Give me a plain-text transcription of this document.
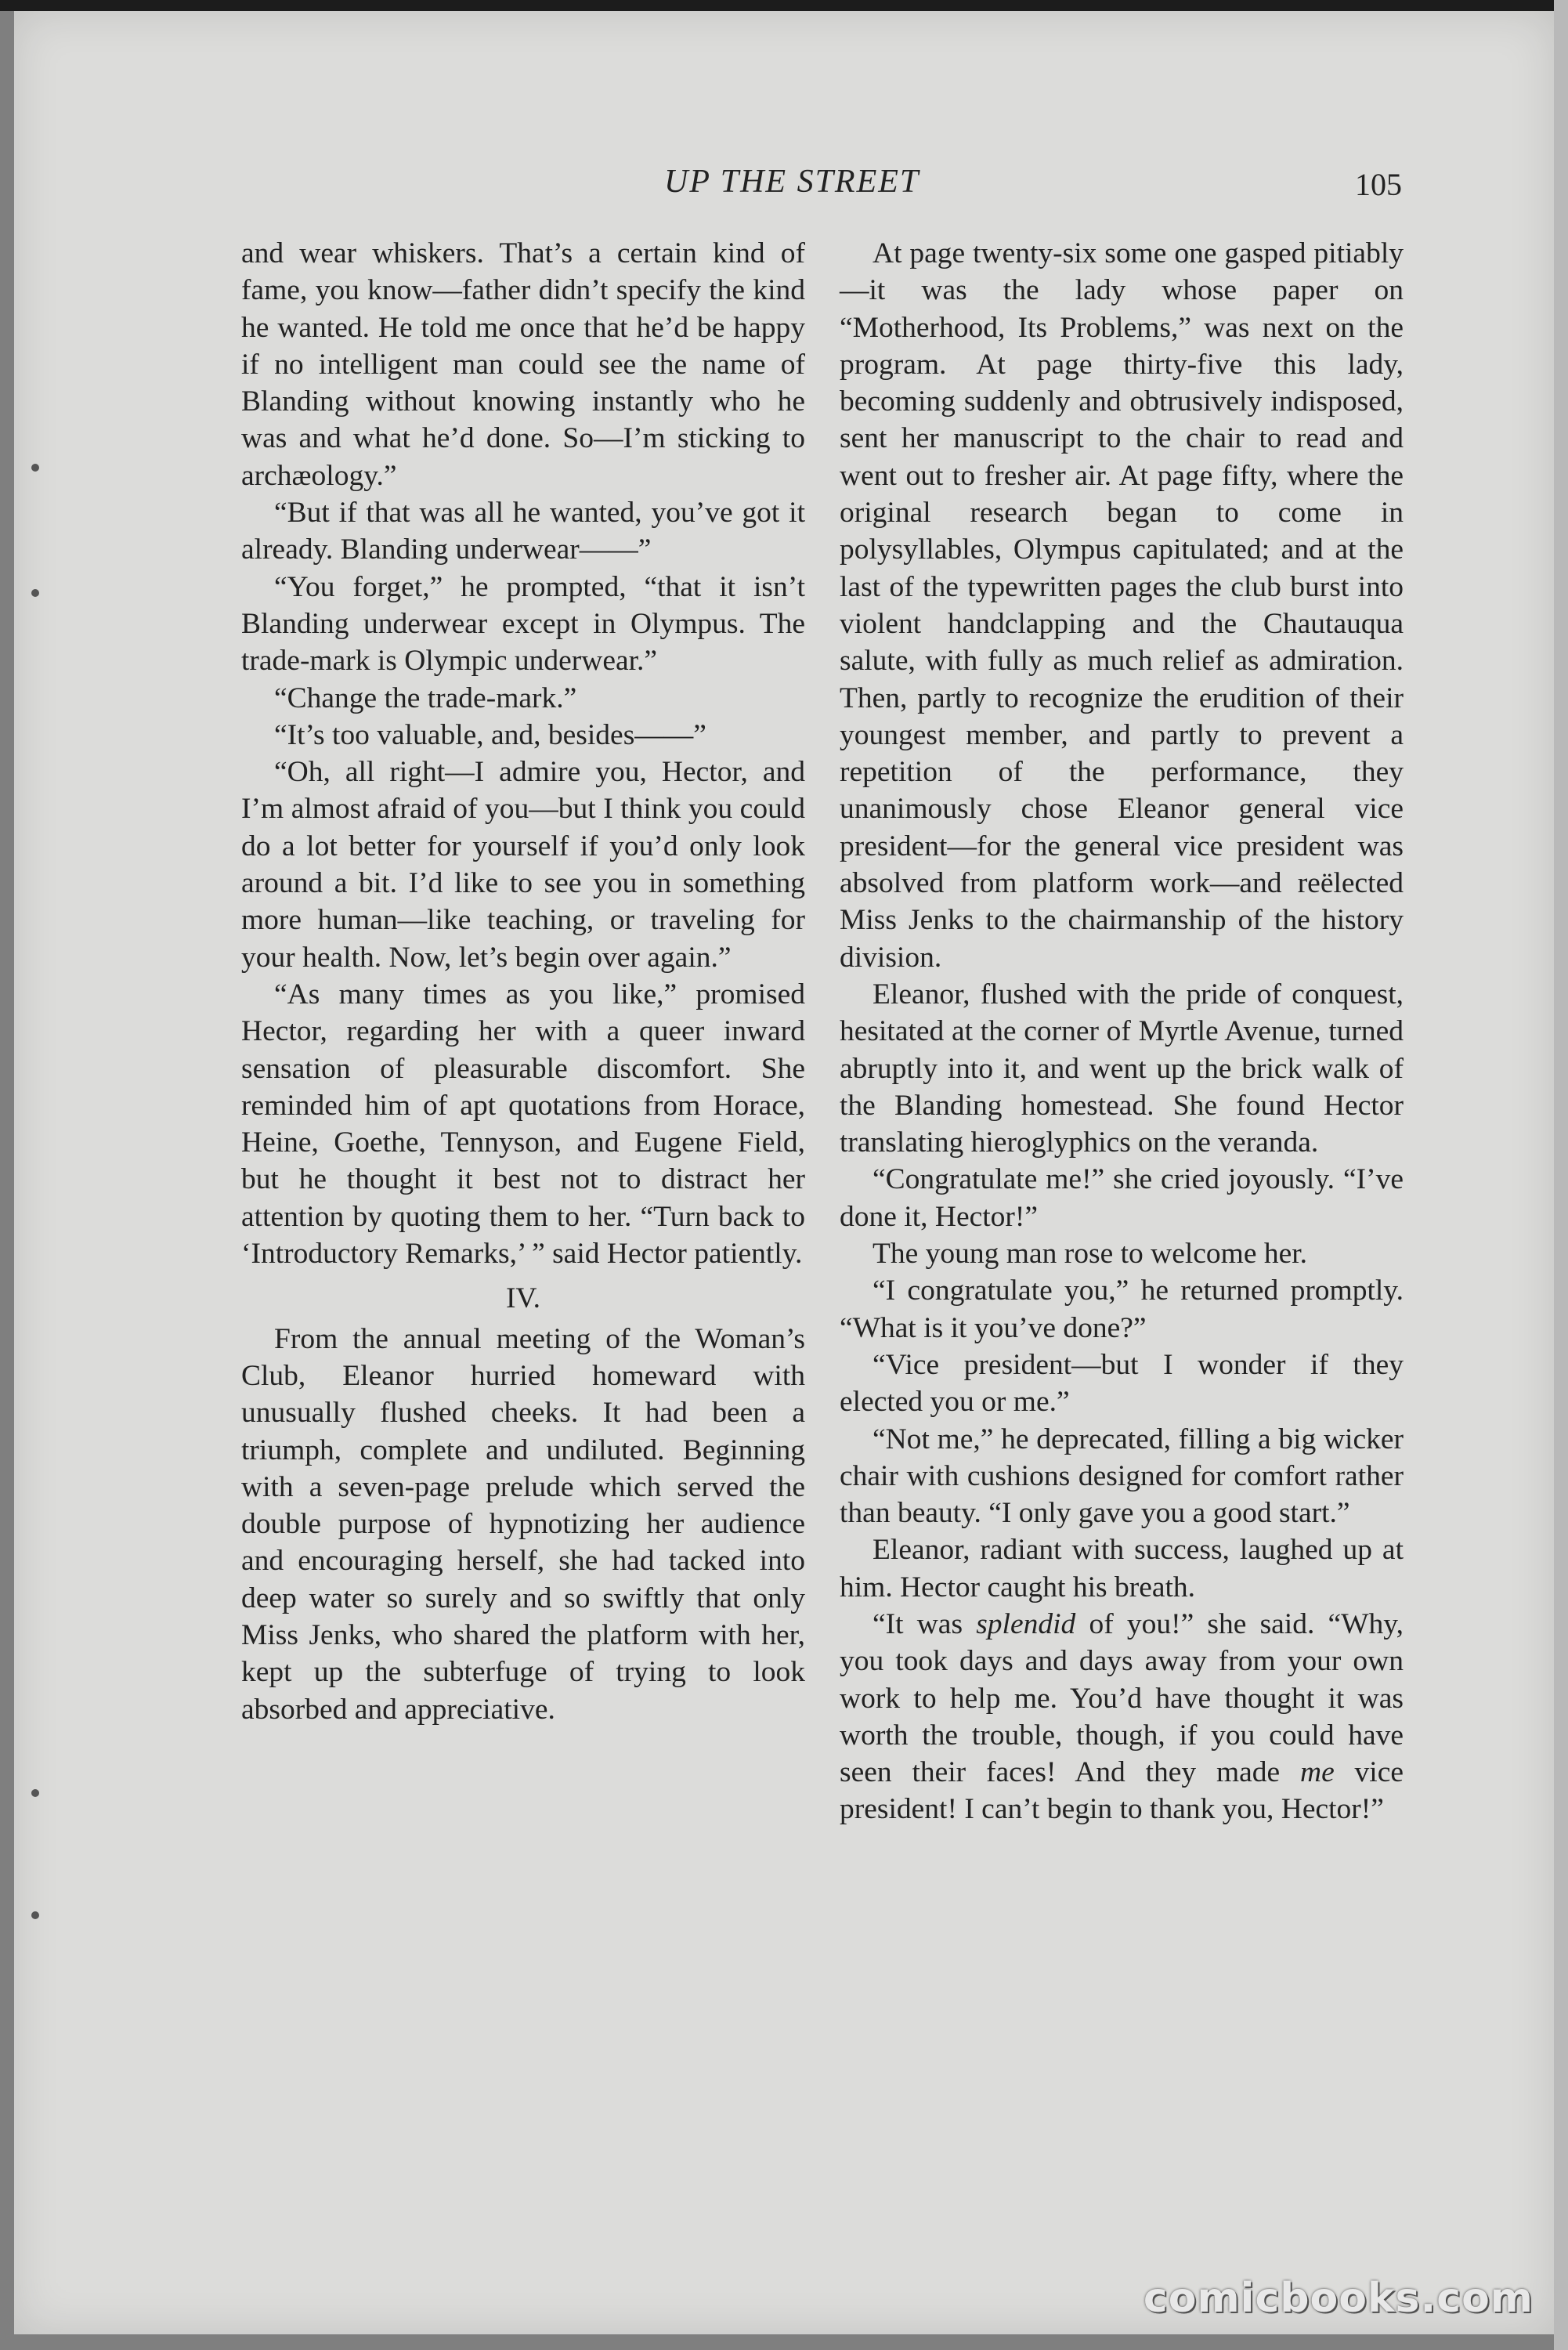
UP THE STREET	105

and wear whiskers. That’s a certain kind of fame, you know—father didn’t specify the kind he wanted. He told me once that he’d be happy if no intelligent man could see the name of Blanding without knowing instantly who he was and what he’d done. So—I’m sticking to archæology.”

“But if that was all he wanted, you’ve got it already. Blanding underwear——”

“You forget,” he prompted, “that it isn’t Blanding underwear except in Olympus. The trade-mark is Olympic underwear.”

“Change the trade-mark.”

“It’s too valuable, and, besides——”

“Oh, all right—I admire you, Hector, and I’m almost afraid of you—but I think you could do a lot better for yourself if you’d only look around a bit. I’d like to see you in something more human—like teaching, or traveling for your health. Now, let’s begin over again.”

“As many times as you like,” promised Hector, regarding her with a queer inward sensation of pleasurable discomfort. She reminded him of apt quotations from Horace, Heine, Goethe, Tennyson, and Eugene Field, but he thought it best not to distract her attention by quoting them to her. “Turn back to ‘Introductory Remarks,’ ” said Hector patiently.

IV.

From the annual meeting of the Woman’s Club, Eleanor hurried homeward with unusually flushed cheeks. It had been a triumph, complete and undiluted. Beginning with a seven-page prelude which served the double purpose of hypnotizing her audience and encouraging herself, she had tacked into deep water so surely and so swiftly that only Miss Jenks, who shared the platform with her, kept up the subterfuge of trying to look absorbed and appreciative.

At page twenty-six some one gasped pitiably—it was the lady whose paper on “Motherhood, Its Problems,” was next on the program. At page thirty-five this lady, becoming suddenly and obtrusively indisposed, sent her manuscript to the chair to read and went out to fresher air. At page fifty, where the original research began to come in polysyllables, Olympus capitulated; and at the last of the typewritten pages the club burst into violent handclapping and the Chautauqua salute, with fully as much relief as admiration. Then, partly to recognize the erudition of their youngest member, and partly to prevent a repetition of the performance, they unanimously chose Eleanor general vice president—for the general vice president was absolved from platform work—and reëlected Miss Jenks to the chairmanship of the history division.

Eleanor, flushed with the pride of conquest, hesitated at the corner of Myrtle Avenue, turned abruptly into it, and went up the brick walk of the Blanding homestead. She found Hector translating hieroglyphics on the veranda.

“Congratulate me!” she cried joyously. “I’ve done it, Hector!”

The young man rose to welcome her.

“I congratulate you,” he returned promptly. “What is it you’ve done?”

“Vice president—but I wonder if they elected you or me.”

“Not me,” he deprecated, filling a big wicker chair with cushions designed for comfort rather than beauty. “I only gave you a good start.”

Eleanor, radiant with success, laughed up at him. Hector caught his breath.

“It was splendid of you!” she said. “Why, you took days and days away from your own work to help me. You’d have thought it was worth the trouble, though, if you could have seen their faces! And they made me vice president! I can’t begin to thank you, Hector!”

comicbooks.com
